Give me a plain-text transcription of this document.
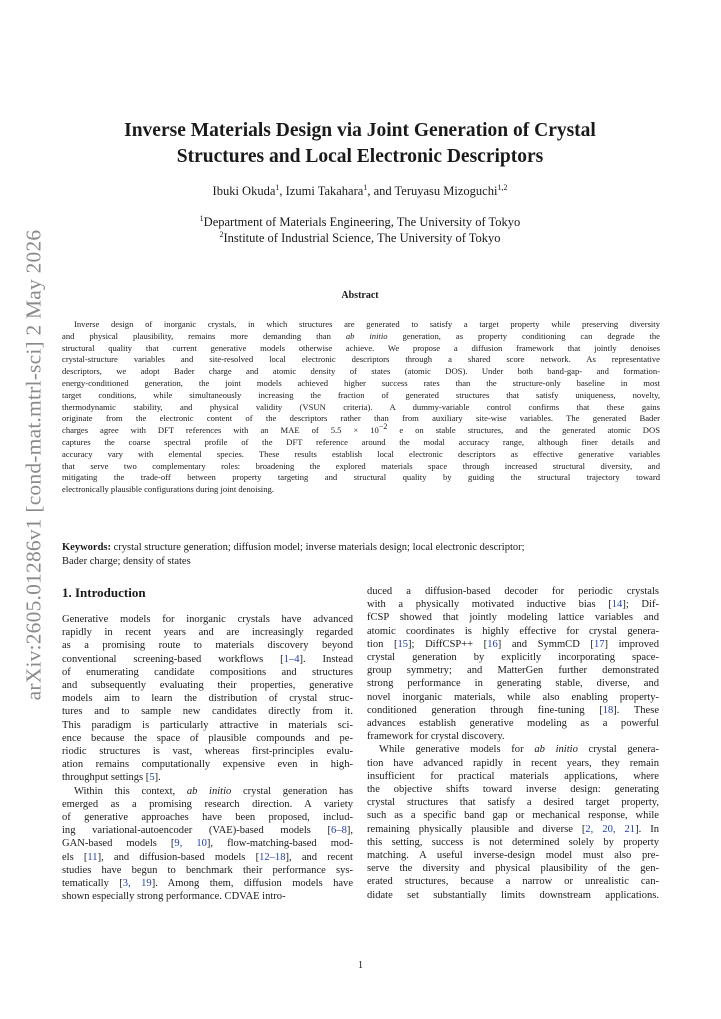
arXiv:2605.01286v1 [cond-mat.mtrl-sci] 2 May 2026
Inverse Materials Design via Joint Generation of Crystal
Structures and Local Electronic Descriptors
Ibuki Okuda$^1$, Izumi Takahara$^1$, and Teruyasu Mizoguchi$^{1,2}$
$^1$Department of Materials Engineering, The University of Tokyo
$^2$Institute of Industrial Science, The University of Tokyo
Abstract
Inverse design of inorganic crystals, in which structures are generated to satisfy a target property while preserving diversity
and physical plausibility, remains more demanding than ab initio generation, as property conditioning can degrade the
structural quality that current generative models otherwise achieve. We propose a diffusion framework that jointly denoises
crystal-structure variables and site-resolved local electronic descriptors through a shared score network. As representative
descriptors, we adopt Bader charge and atomic density of states (atomic DOS). Under both band-gap- and formation-
energy-conditioned generation, the joint models achieved higher success rates than the structure-only baseline in most
target conditions, while simultaneously increasing the fraction of generated structures that satisfy uniqueness, novelty,
thermodynamic stability, and physical validity (VSUN criteria). A dummy-variable control confirms that these gains
originate from the electronic content of the descriptors rather than from auxiliary site-wise variables. The generated Bader
charges agree with DFT references with an MAE of $5.5 \times 10^{-2}$ e on stable structures, and the generated atomic DOS
captures the coarse spectral profile of the DFT reference around the modal accuracy range, although finer details and
accuracy vary with elemental species. These results establish local electronic descriptors as effective generative variables
that serve two complementary roles: broadening the explored materials space through increased structural diversity, and
mitigating the trade-off between property targeting and structural quality by guiding the structural trajectory toward
electronically plausible configurations during joint denoising.
Keywords: crystal structure generation; diffusion model; inverse materials design; local electronic descriptor;
Bader charge; density of states
1. Introduction
Generative models for inorganic crystals have advanced
rapidly in recent years and are increasingly regarded
as a promising route to materials discovery beyond
conventional screening-based workflows [1–4]. Instead
of enumerating candidate compositions and structures
and subsequently evaluating their properties, generative
models aim to learn the distribution of crystal struc-
tures and to sample new candidates directly from it.
This paradigm is particularly attractive in materials sci-
ence because the space of plausible compounds and pe-
riodic structures is vast, whereas first-principles evalu-
ation remains computationally expensive even in high-
throughput settings [5].
Within this context, ab initio crystal generation has
emerged as a promising research direction. A variety
of generative approaches have been proposed, includ-
ing variational-autoencoder (VAE)-based models [6–8],
GAN-based models [9, 10], flow-matching-based mod-
els [11], and diffusion-based models [12–18], and recent
studies have begun to benchmark their performance sys-
tematically [3, 19]. Among them, diffusion models have
shown especially strong performance. CDVAE intro-
duced a diffusion-based decoder for periodic crystals
with a physically motivated inductive bias [14]; Dif-
fCSP showed that jointly modeling lattice variables and
atomic coordinates is highly effective for crystal genera-
tion [15]; DiffCSP++ [16] and SymmCD [17] improved
crystal generation by explicitly incorporating space-
group symmetry; and MatterGen further demonstrated
strong performance in generating stable, diverse, and
novel inorganic materials, while also enabling property-
conditioned generation through fine-tuning [18]. These
advances establish generative modeling as a powerful
framework for crystal discovery.
While generative models for ab initio crystal genera-
tion have advanced rapidly in recent years, they remain
insufficient for practical materials applications, where
the objective shifts toward inverse design: generating
crystal structures that satisfy a desired target property,
such as a specific band gap or mechanical response, while
remaining physically plausible and diverse [2, 20, 21]. In
this setting, success is not determined solely by property
matching. A useful inverse-design model must also pre-
serve the diversity and physical plausibility of the gen-
erated structures, because a narrow or unrealistic can-
didate set substantially limits downstream applications.
1
